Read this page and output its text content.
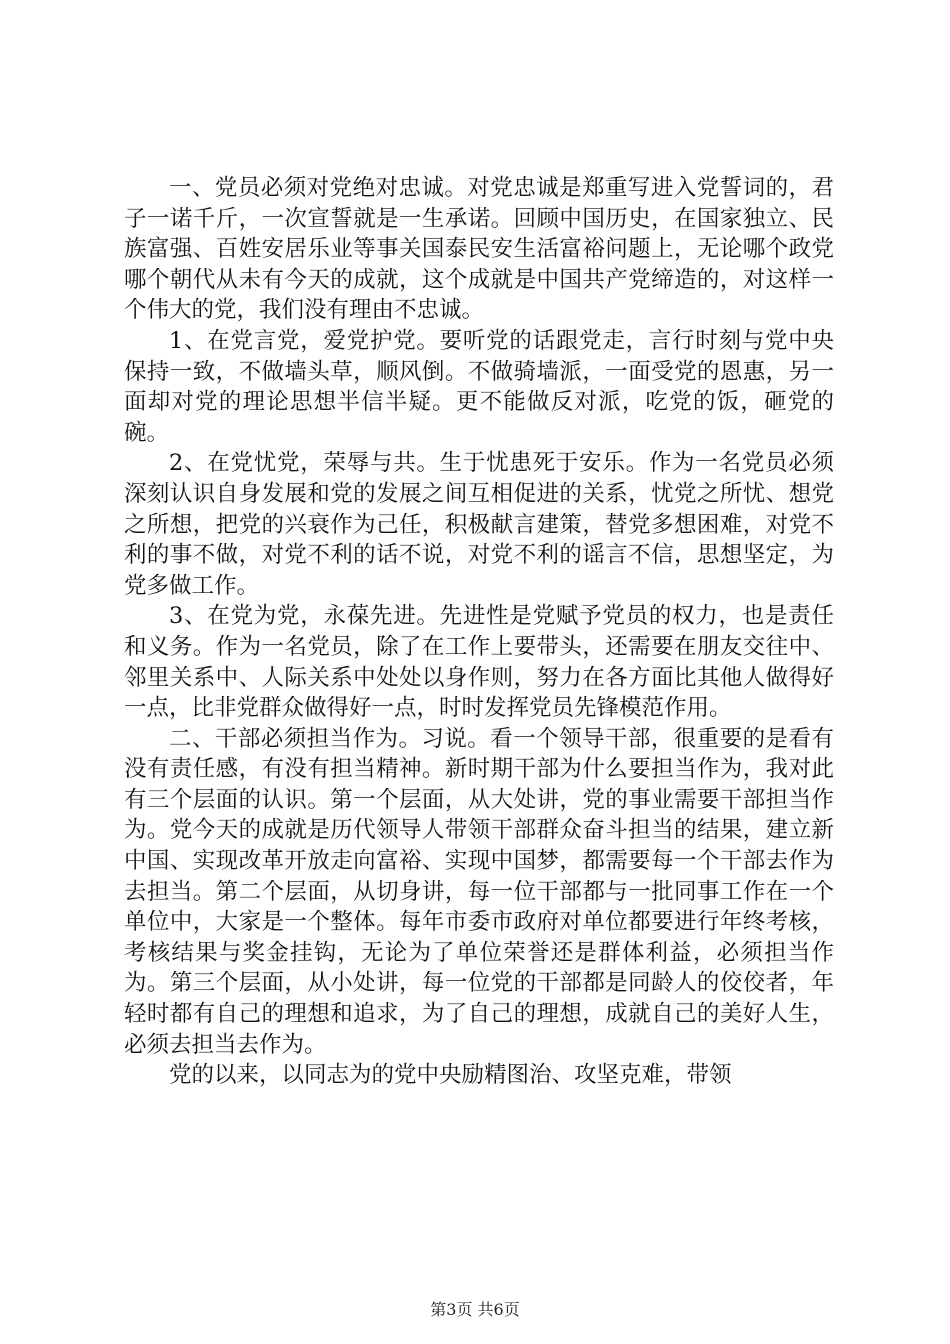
一、党员必须对党绝对忠诚。对党忠诚是郑重写进入党誓词的，君子一诺千斤，一次宣誓就是一生承诺。回顾中国历史，在国家独立、民族富强、百姓安居乐业等事关国泰民安生活富裕问题上，无论哪个政党哪个朝代从未有今天的成就，这个成就是中国共产党缔造的，对这样一个伟大的党，我们没有理由不忠诚。

1、在党言党，爱党护党。要听党的话跟党走，言行时刻与党中央保持一致，不做墙头草，顺风倒。不做骑墙派，一面受党的恩惠，另一面却对党的理论思想半信半疑。更不能做反对派，吃党的饭，砸党的碗。

2、在党忧党，荣辱与共。生于忧患死于安乐。作为一名党员必须深刻认识自身发展和党的发展之间互相促进的关系，忧党之所忧、想党之所想，把党的兴衰作为己任，积极献言建策，替党多想困难，对党不利的事不做，对党不利的话不说，对党不利的谣言不信，思想坚定，为党多做工作。

3、在党为党，永葆先进。先进性是党赋予党员的权力，也是责任和义务。作为一名党员，除了在工作上要带头，还需要在朋友交往中、邻里关系中、人际关系中处处以身作则，努力在各方面比其他人做得好一点，比非党群众做得好一点，时时发挥党员先锋模范作用。

二、干部必须担当作为。习说。看一个领导干部，很重要的是看有没有责任感，有没有担当精神。新时期干部为什么要担当作为，我对此有三个层面的认识。第一个层面，从大处讲，党的事业需要干部担当作为。党今天的成就是历代领导人带领干部群众奋斗担当的结果，建立新中国、实现改革开放走向富裕、实现中国梦，都需要每一个干部去作为去担当。第二个层面，从切身讲，每一位干部都与一批同事工作在一个单位中，大家是一个整体。每年市委市政府对单位都要进行年终考核，考核结果与奖金挂钩，无论为了单位荣誉还是群体利益，必须担当作为。第三个层面，从小处讲，每一位党的干部都是同龄人的佼佼者，年轻时都有自己的理想和追求，为了自己的理想，成就自己的美好人生，必须去担当去作为。

党的以来，以同志为的党中央励精图治、攻坚克难，带领

第3页 共6页
